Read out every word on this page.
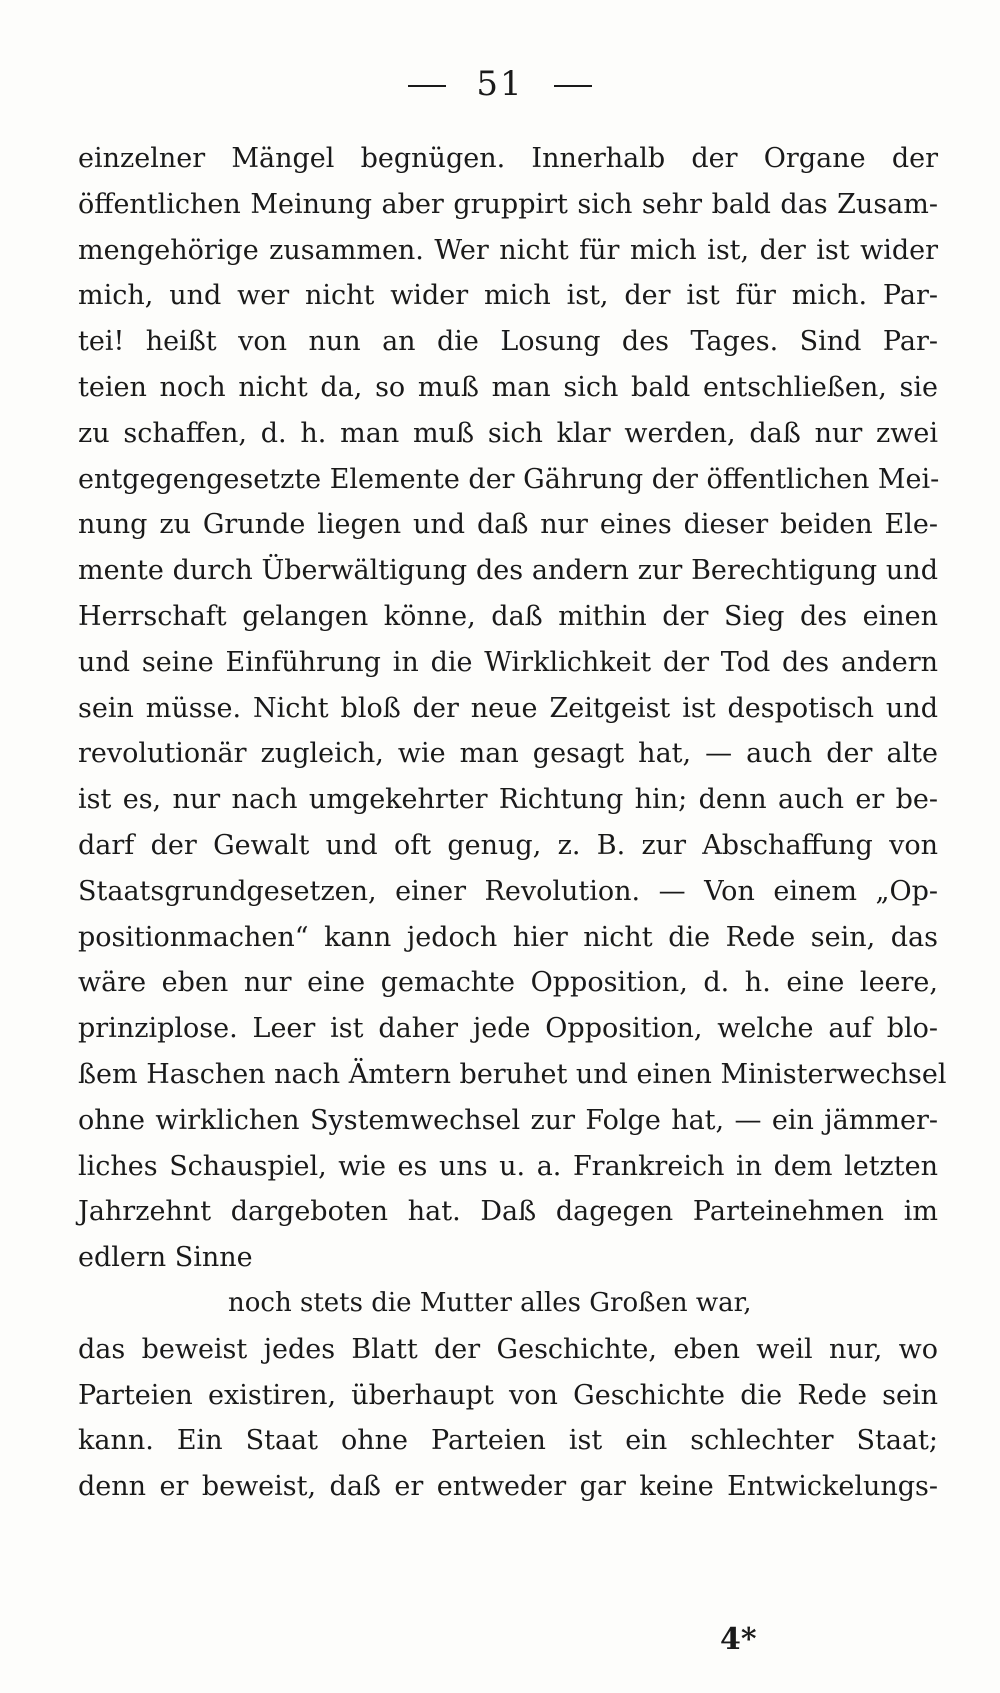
51
einzelner Mängel begnügen. Innerhalb der Organe der
öffentlichen Meinung aber gruppirt sich sehr bald das Zusam-
mengehörige zusammen. Wer nicht für mich ist, der ist wider
mich, und wer nicht wider mich ist, der ist für mich. Par-
tei! heißt von nun an die Losung des Tages. Sind Par-
teien noch nicht da, so muß man sich bald entschließen, sie
zu schaffen, d. h. man muß sich klar werden, daß nur zwei
entgegengesetzte Elemente der Gährung der öffentlichen Mei-
nung zu Grunde liegen und daß nur eines dieser beiden Ele-
mente durch Überwältigung des andern zur Berechtigung und
Herrschaft gelangen könne, daß mithin der Sieg des einen
und seine Einführung in die Wirklichkeit der Tod des andern
sein müsse. Nicht bloß der neue Zeitgeist ist despotisch und
revolutionär zugleich, wie man gesagt hat, — auch der alte
ist es, nur nach umgekehrter Richtung hin; denn auch er be-
darf der Gewalt und oft genug, z. B. zur Abschaffung von
Staatsgrundgesetzen, einer Revolution. — Von einem „Op-
positionmachen“ kann jedoch hier nicht die Rede sein, das
wäre eben nur eine gemachte Opposition, d. h. eine leere,
prinziplose. Leer ist daher jede Opposition, welche auf blo-
ßem Haschen nach Ämtern beruhet und einen Ministerwechsel
ohne wirklichen Systemwechsel zur Folge hat, — ein jämmer-
liches Schauspiel, wie es uns u. a. Frankreich in dem letzten
Jahrzehnt dargeboten hat. Daß dagegen Parteinehmen im
edlern Sinne
noch stets die Mutter alles Großen war,
das beweist jedes Blatt der Geschichte, eben weil nur, wo
Parteien existiren, überhaupt von Geschichte die Rede sein
kann. Ein Staat ohne Parteien ist ein schlechter Staat;
denn er beweist, daß er entweder gar keine Entwickelungs-
4*
